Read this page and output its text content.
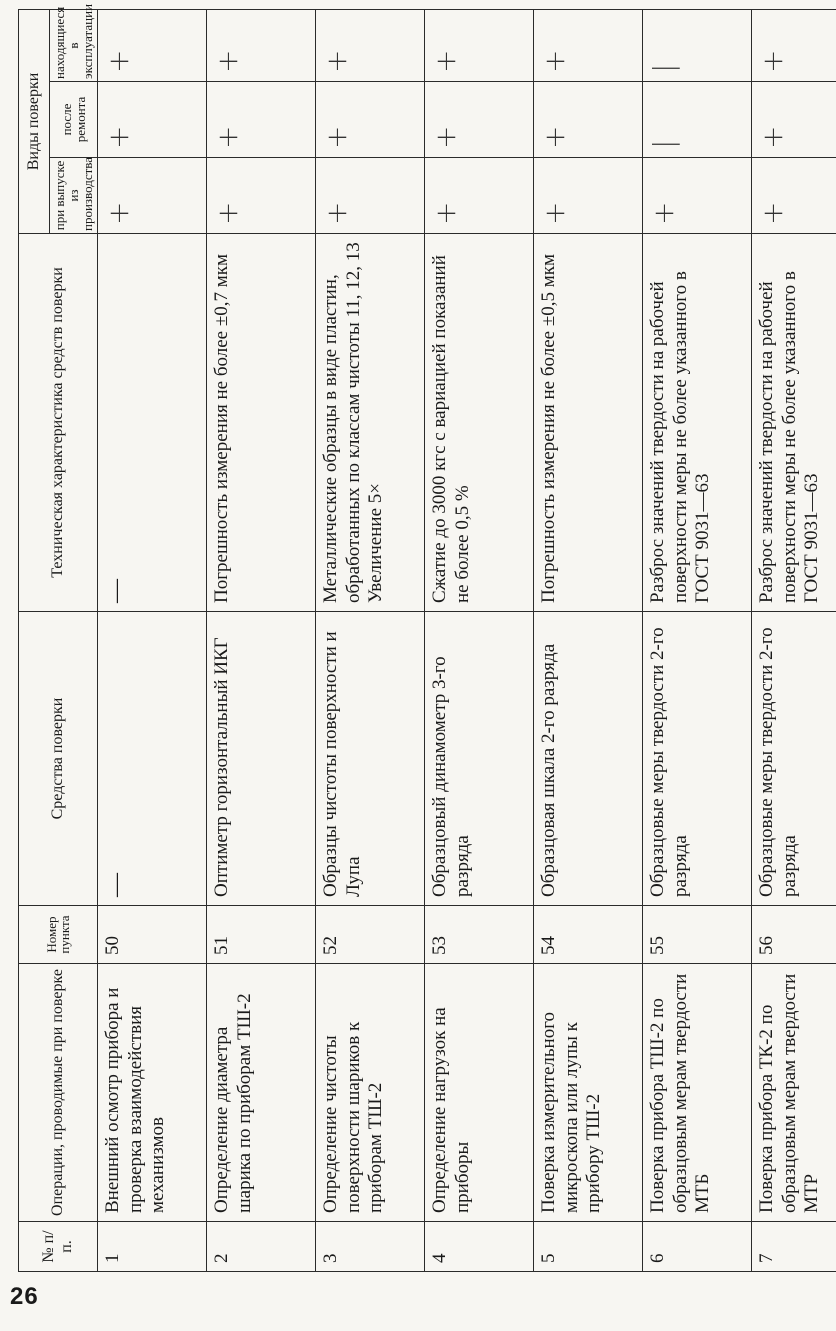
26
№ п/п.	Операции, проводимые при поверке	Номер пункта	Средства поверки	Техническая характеристика средств поверки	Виды поверки		
					при выпуске из производства	после ремонта	находящиеся в эксплуатации
1	Внешний осмотр прибора и проверка взаимодействия механизмов	50	—	—	+	+	+
2	Определение диаметра шарика по приборам ТШ-2	51	Оптиметр горизонтальный ИКГ	Погрешность измерения не более ±0,7 мкм	+	+	+
3	Определение чистоты поверхности шариков к приборам ТШ-2	52	Образцы чистоты поверхности и Лупа	Металлические образцы в виде пластин, обработанных по классам чистоты 11, 12, 13 Увеличение 5×	+	+	+
4	Определение нагрузок на приборы	53	Образцовый динамометр 3-го разряда	Сжатие до 3000 кгс с вариацией показаний не более 0,5 %	+	+	+
5	Поверка измерительного микроскопа или лупы к прибору ТШ-2	54	Образцовая шкала 2-го разряда	Погрешность измерения не более ±0,5 мкм	+	+	+
6	Поверка прибора ТШ-2 по образцовым мерам твердости МТБ	55	Образцовые меры твердости 2-го разряда	Разброс значений твердости на рабочей поверхности меры не более указанного в ГОСТ 9031—63	+	|	|
7	Поверка прибора ТК-2 по образцовым мерам твердости МТР	56	Образцовые меры твердости 2-го разряда	Разброс значений твердости на рабочей поверхности меры не более указанного в ГОСТ 9031—63	+	+	+
